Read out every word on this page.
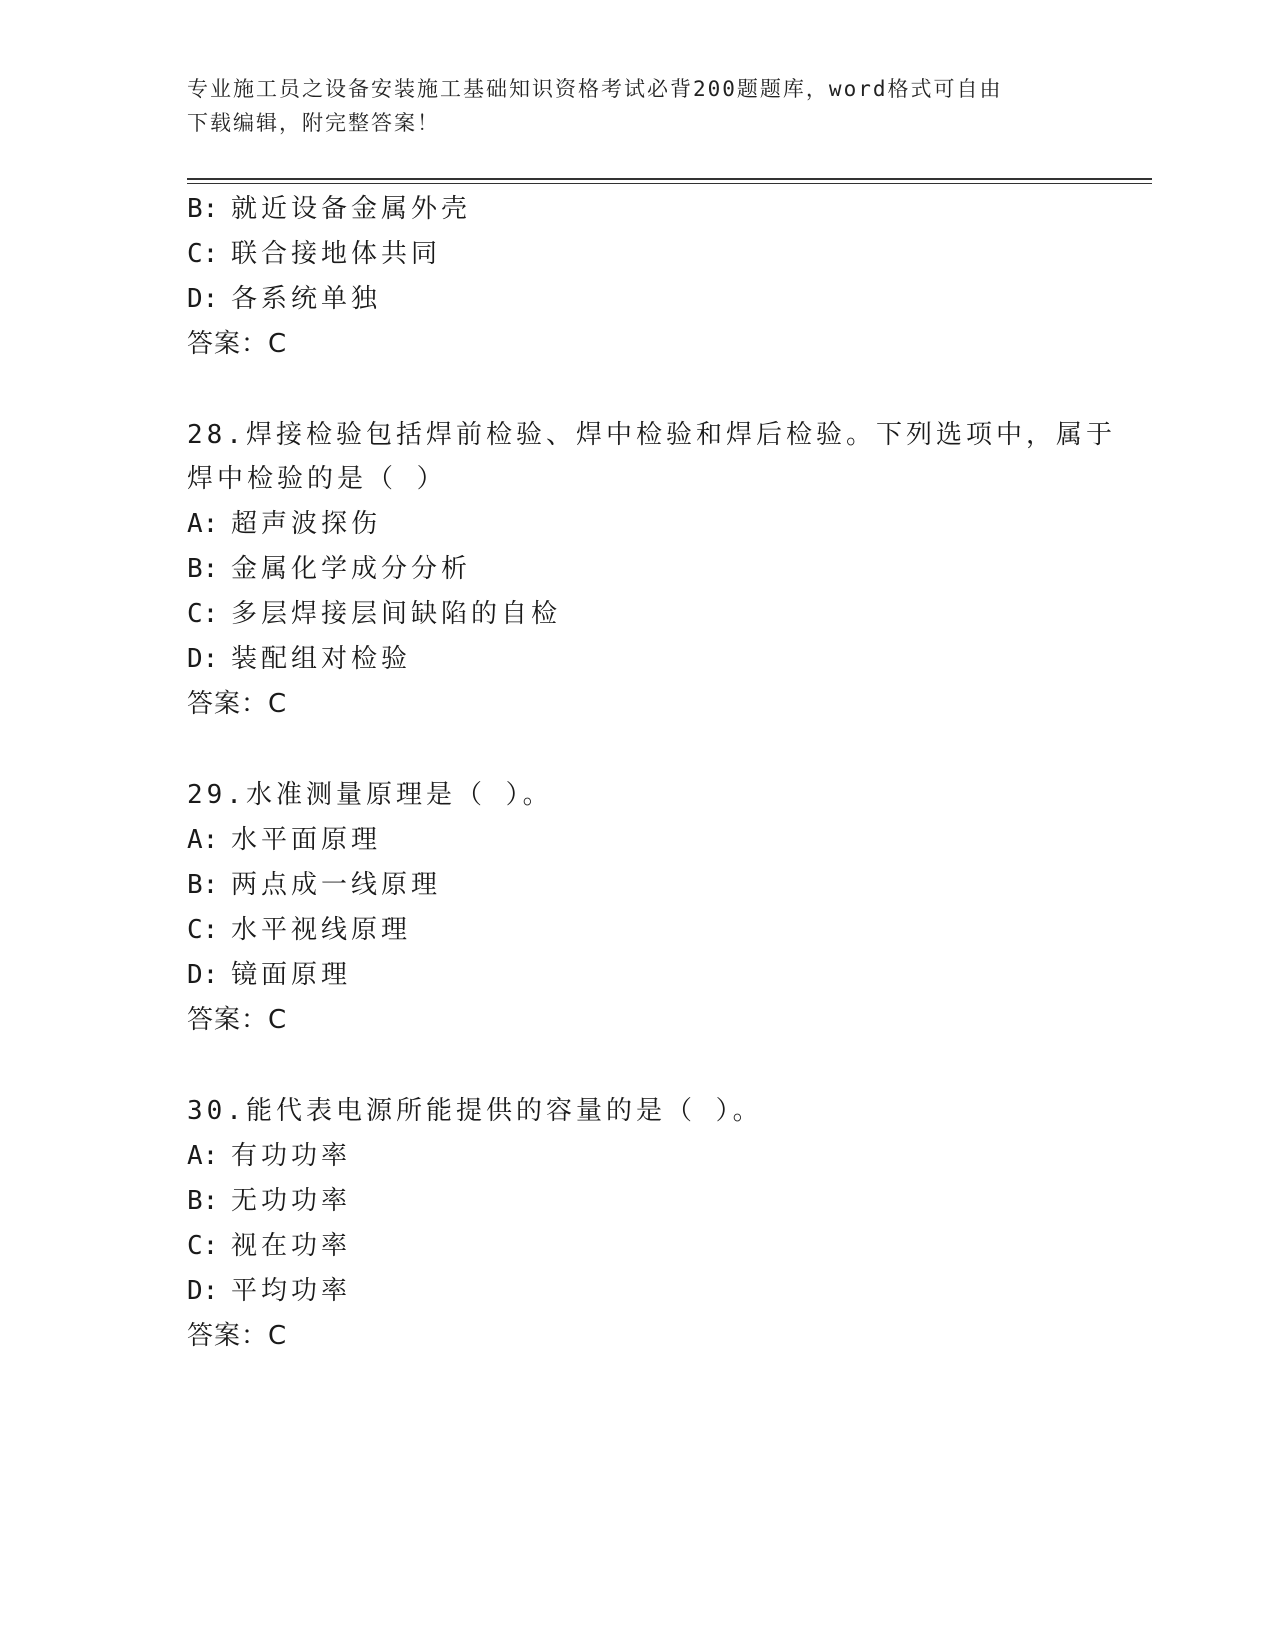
专业施工员之设备安装施工基础知识资格考试必背200题题库，word格式可自由
下载编辑，附完整答案！
B: 就近设备金属外壳
C: 联合接地体共同
D: 各系统单独
答案：C
28.焊接检验包括焊前检验、焊中检验和焊后检验。下列选项中，属于
焊中检验的是（ ）
A: 超声波探伤
B: 金属化学成分分析
C: 多层焊接层间缺陷的自检
D: 装配组对检验
答案：C
29.水准测量原理是（ ）。
A: 水平面原理
B: 两点成一线原理
C: 水平视线原理
D: 镜面原理
答案：C
30.能代表电源所能提供的容量的是（ ）。
A: 有功功率
B: 无功功率
C: 视在功率
D: 平均功率
答案：C
